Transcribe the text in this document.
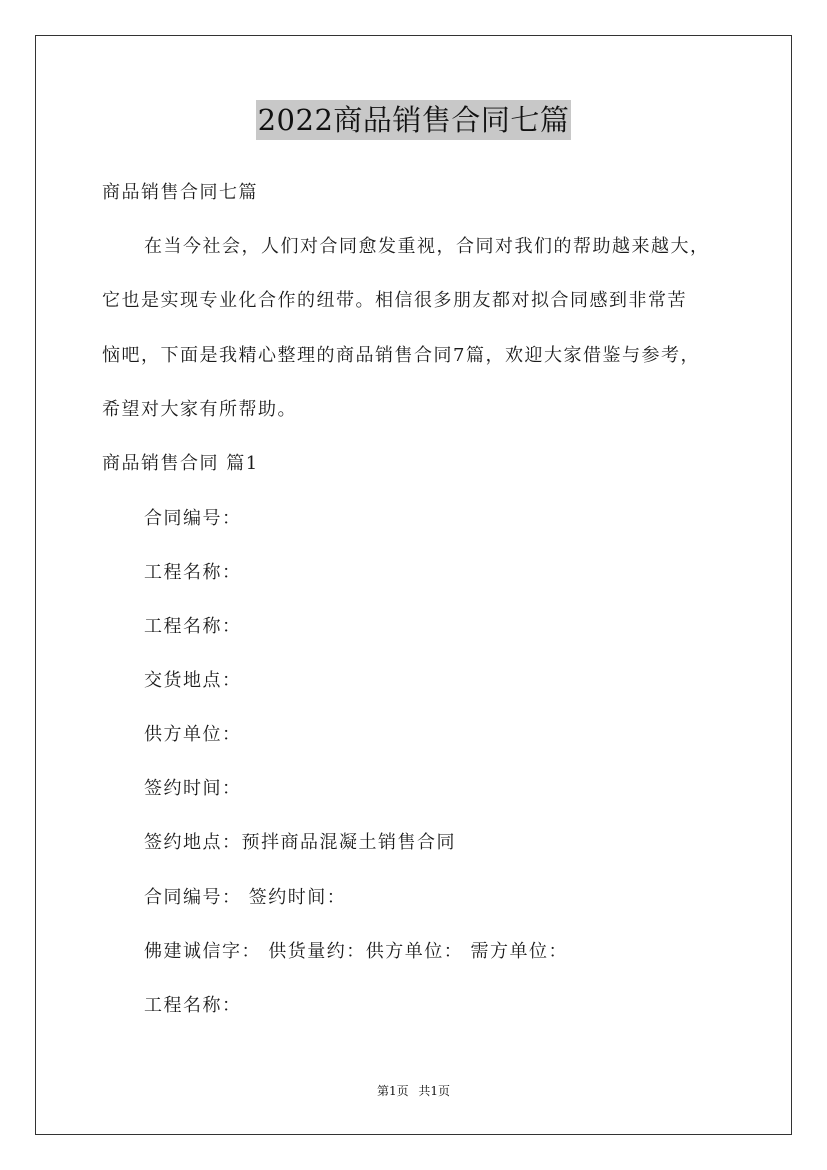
2022商品销售合同七篇
商品销售合同七篇
在当今社会，人们对合同愈发重视，合同对我们的帮助越来越大，
它也是实现专业化合作的纽带。相信很多朋友都对拟合同感到非常苦
恼吧，下面是我精心整理的商品销售合同7篇，欢迎大家借鉴与参考，
希望对大家有所帮助。
商品销售合同 篇1
合同编号：
工程名称：
工程名称：
交货地点：
供方单位：
签约时间：
签约地点：预拌商品混凝土销售合同
合同编号： 签约时间：
佛建诚信字： 供货量约：供方单位： 需方单位：
工程名称：
第1页 共1页
